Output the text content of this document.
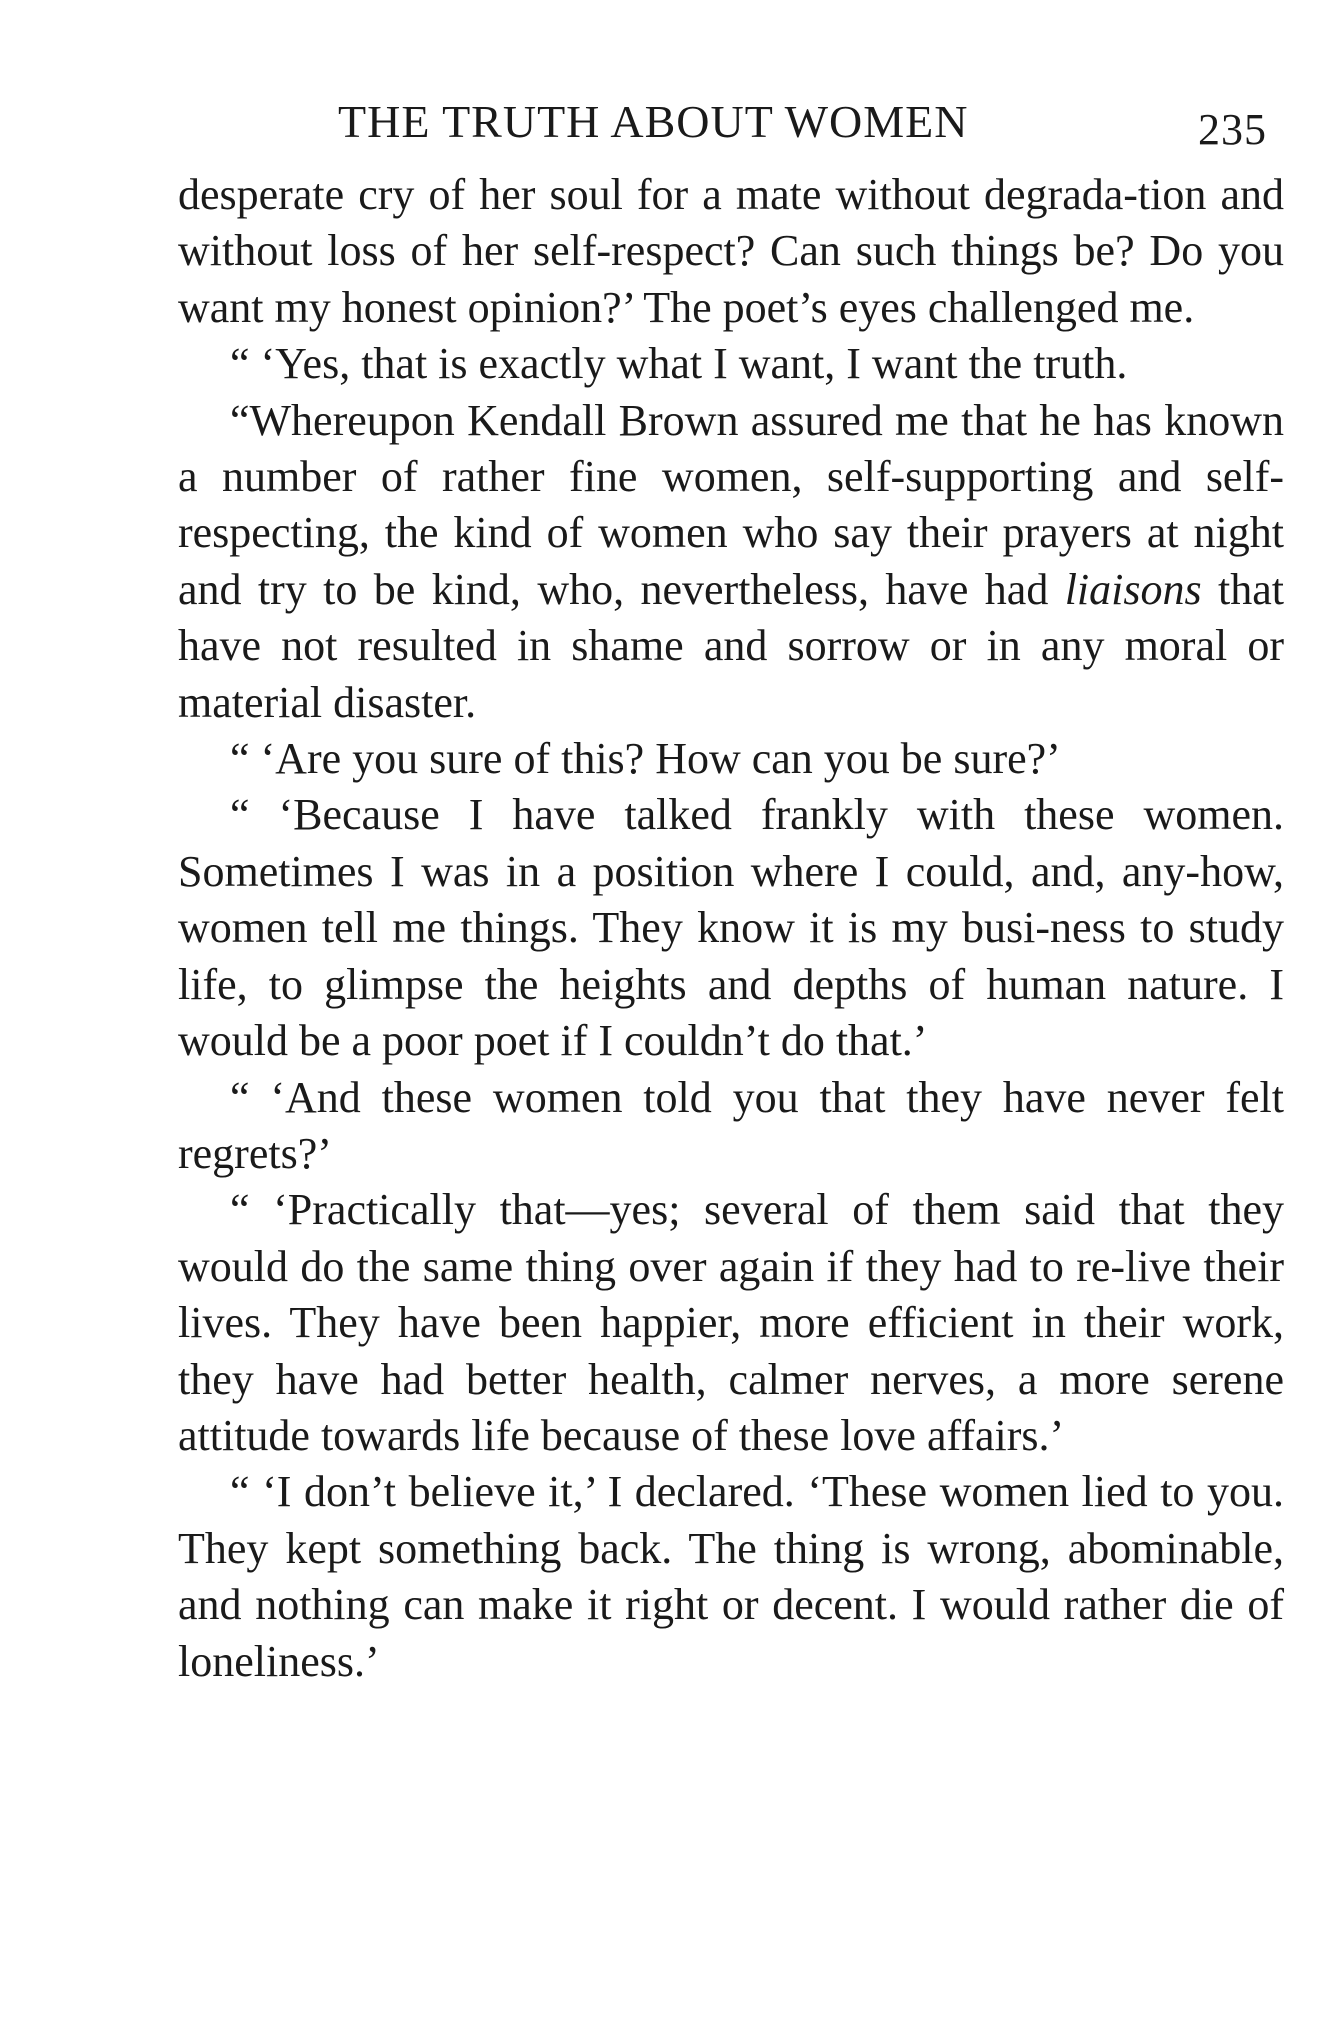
THE TRUTH ABOUT WOMEN	235

desperate cry of her soul for a mate without degrada-tion and without loss of her self-respect? Can such things be? Do you want my honest opinion?’ The poet’s eyes challenged me.

“ ‘Yes, that is exactly what I want, I want the truth.

“Whereupon Kendall Brown assured me that he has known a number of rather fine women, self-supporting and self-respecting, the kind of women who say their prayers at night and try to be kind, who, nevertheless, have had liaisons that have not resulted in shame and sorrow or in any moral or material disaster.

“ ‘Are you sure of this? How can you be sure?’

“ ‘Because I have talked frankly with these women. Sometimes I was in a position where I could, and, any-how, women tell me things. They know it is my busi-ness to study life, to glimpse the heights and depths of human nature. I would be a poor poet if I couldn’t do that.’

“ ‘And these women told you that they have never felt regrets?’

“ ‘Practically that—yes; several of them said that they would do the same thing over again if they had to re-live their lives. They have been happier, more efficient in their work, they have had better health, calmer nerves, a more serene attitude towards life because of these love affairs.’

“ ‘I don’t believe it,’ I declared. ‘These women lied to you. They kept something back. The thing is wrong, abominable, and nothing can make it right or decent. I would rather die of loneliness.’
